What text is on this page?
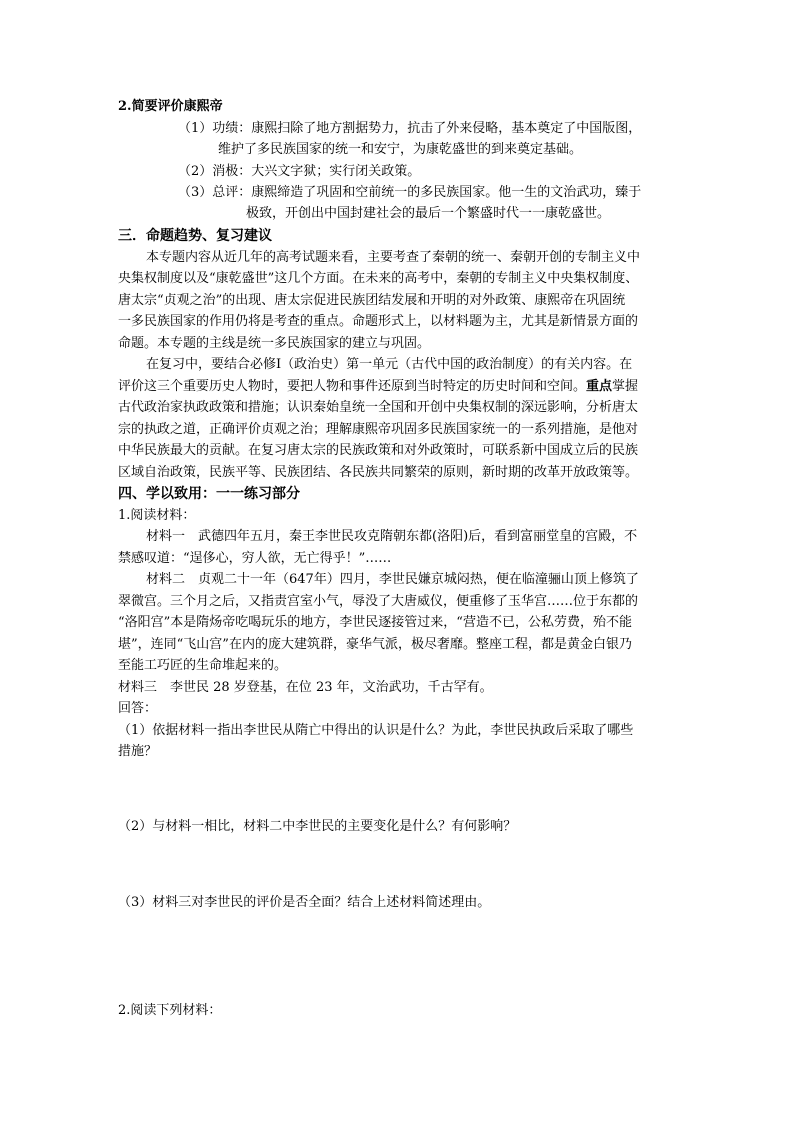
2.简要评价康熙帝
（1）功绩：康熙扫除了地方割据势力，抗击了外来侵略，基本奠定了中国版图，
维护了多民族国家的统一和安宁，为康乾盛世的到来奠定基础。
（2）消极：大兴文字狱；实行闭关政策。
（3）总评：康熙缔造了巩固和空前统一的多民族国家。他一生的文治武功，臻于
极致，开创出中国封建社会的最后一个繁盛时代一一康乾盛世。
三．命题趋势、复习建议
本专题内容从近几年的高考试题来看，主要考查了秦朝的统一、秦朝开创的专制主义中
央集权制度以及“康乾盛世”这几个方面。在未来的高考中，秦朝的专制主义中央集权制度、
唐太宗“贞观之治”的出现、唐太宗促进民族团结发展和开明的对外政策、康熙帝在巩固统
一多民族国家的作用仍将是考查的重点。命题形式上，以材料题为主，尤其是新情景方面的
命题。本专题的主线是统一多民族国家的建立与巩固。
在复习中，要结合必修Ⅰ（政治史）第一单元（古代中国的政治制度）的有关内容。在
评价这三个重要历史人物时，要把人物和事件还原到当时特定的历史时间和空间。重点掌握
古代政治家执政政策和措施；认识秦始皇统一全国和开创中央集权制的深远影响，分析唐太
宗的执政之道，正确评价贞观之治；理解康熙帝巩固多民族国家统一的一系列措施，是他对
中华民族最大的贡献。在复习唐太宗的民族政策和对外政策时，可联系新中国成立后的民族
区域自治政策，民族平等、民族团结、各民族共同繁荣的原则，新时期的改革开放政策等。
四、学以致用：一一练习部分
1.阅读材料：
材料一　武德四年五月，秦王李世民攻克隋朝东都(洛阳)后，看到富丽堂皇的宫殿，不
禁感叹道：“逞侈心，穷人欲，无亡得乎！”……
材料二　贞观二十一年（647年）四月，李世民嫌京城闷热，便在临潼骊山顶上修筑了
翠微宫。三个月之后，又指责宫室小气，辱没了大唐威仪，便重修了玉华宫……位于东都的
“洛阳宫”本是隋炀帝吃喝玩乐的地方，李世民逐接管过来，“营造不已，公私劳费，殆不能
堪”，连同“飞山宫”在内的庞大建筑群，豪华气派，极尽奢靡。整座工程，都是黄金白银乃
至能工巧匠的生命堆起来的。
材料三　李世民 28 岁登基，在位 23 年，文治武功，千古罕有。
回答：
（1）依据材料一指出李世民从隋亡中得出的认识是什么？为此，李世民执政后采取了哪些
措施？
（2）与材料一相比，材料二中李世民的主要变化是什么？有何影响？
（3）材料三对李世民的评价是否全面？结合上述材料简述理由。
2.阅读下列材料：
